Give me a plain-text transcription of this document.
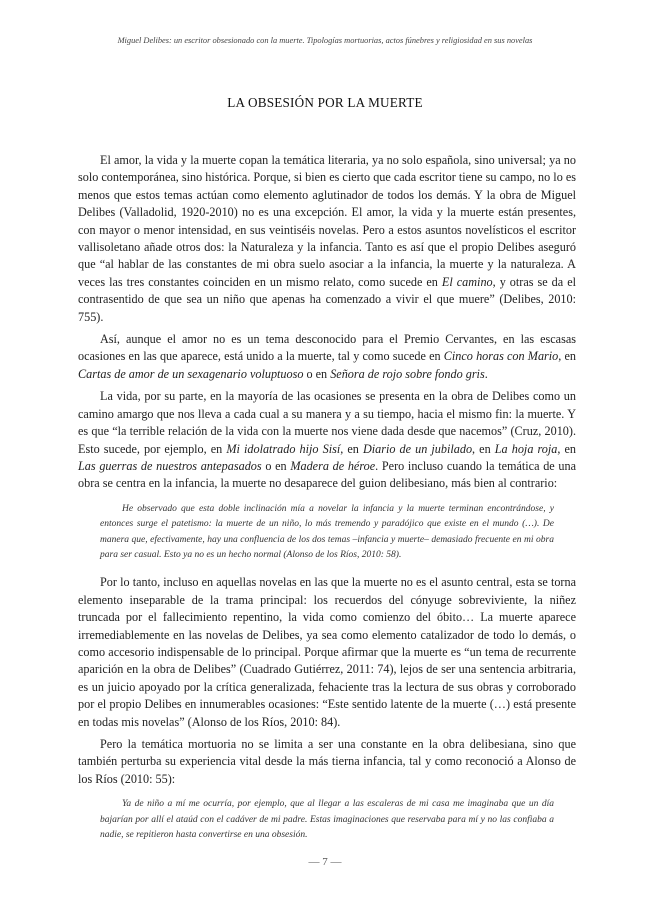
Miguel Delibes: un escritor obsesionado con la muerte. Tipologías mortuorias, actos fúnebres y religiosidad en sus novelas
LA OBSESIÓN POR LA MUERTE

El amor, la vida y la muerte copan la temática literaria, ya no solo española, sino universal; ya no solo contemporánea, sino histórica. Porque, si bien es cierto que cada escritor tiene su campo, no lo es menos que estos temas actúan como elemento aglutinador de todos los demás. Y la obra de Miguel Delibes (Valladolid, 1920-2010) no es una excepción. El amor, la vida y la muerte están presentes, con mayor o menor intensidad, en sus veintiséis novelas. Pero a estos asuntos novelísticos el escritor vallisoletano añade otros dos: la Naturaleza y la infancia. Tanto es así que el propio Delibes aseguró que “al hablar de las constantes de mi obra suelo asociar a la infancia, la muerte y la naturaleza. A veces las tres constantes coinciden en un mismo relato, como sucede en El camino, y otras se da el contrasentido de que sea un niño que apenas ha comenzado a vivir el que muere” (Delibes, 2010: 755).

Así, aunque el amor no es un tema desconocido para el Premio Cervantes, en las escasas ocasiones en las que aparece, está unido a la muerte, tal y como sucede en Cinco horas con Mario, en Cartas de amor de un sexagenario voluptuoso o en Señora de rojo sobre fondo gris.

La vida, por su parte, en la mayoría de las ocasiones se presenta en la obra de Delibes como un camino amargo que nos lleva a cada cual a su manera y a su tiempo, hacia el mismo fin: la muerte. Y es que “la terrible relación de la vida con la muerte nos viene dada desde que nacemos” (Cruz, 2010). Esto sucede, por ejemplo, en Mi idolatrado hijo Sisí, en Diario de un jubilado, en La hoja roja, en Las guerras de nuestros antepasados o en Madera de héroe. Pero incluso cuando la temática de una obra se centra en la infancia, la muerte no desaparece del guion delibesiano, más bien al contrario:

He observado que esta doble inclinación mía a novelar la infancia y la muerte terminan encontrándose, y entonces surge el patetismo: la muerte de un niño, lo más tremendo y paradójico que existe en el mundo (…). De manera que, efectivamente, hay una confluencia de los dos temas –infancia y muerte– demasiado frecuente en mi obra para ser casual. Esto ya no es un hecho normal (Alonso de los Ríos, 2010: 58).

Por lo tanto, incluso en aquellas novelas en las que la muerte no es el asunto central, esta se torna elemento inseparable de la trama principal: los recuerdos del cónyuge sobreviviente, la niñez truncada por el fallecimiento repentino, la vida como comienzo del óbito… La muerte aparece irremediablemente en las novelas de Delibes, ya sea como elemento catalizador de todo lo demás, o como accesorio indispensable de lo principal. Porque afirmar que la muerte es “un tema de recurrente aparición en la obra de Delibes” (Cuadrado Gutiérrez, 2011: 74), lejos de ser una sentencia arbitraria, es un juicio apoyado por la crítica generalizada, fehaciente tras la lectura de sus obras y corroborado por el propio Delibes en innumerables ocasiones: “Este sentido latente de la muerte (…) está presente en todas mis novelas” (Alonso de los Ríos, 2010: 84).

Pero la temática mortuoria no se limita a ser una constante en la obra delibesiana, sino que también perturba su experiencia vital desde la más tierna infancia, tal y como reconoció a Alonso de los Ríos (2010: 55):

Ya de niño a mí me ocurría, por ejemplo, que al llegar a las escaleras de mi casa me imaginaba que un día bajarían por allí el ataúd con el cadáver de mi padre. Estas imaginaciones que reservaba para mí y no las confiaba a nadie, se repitieron hasta convertirse en una obsesión.

— 7 —
